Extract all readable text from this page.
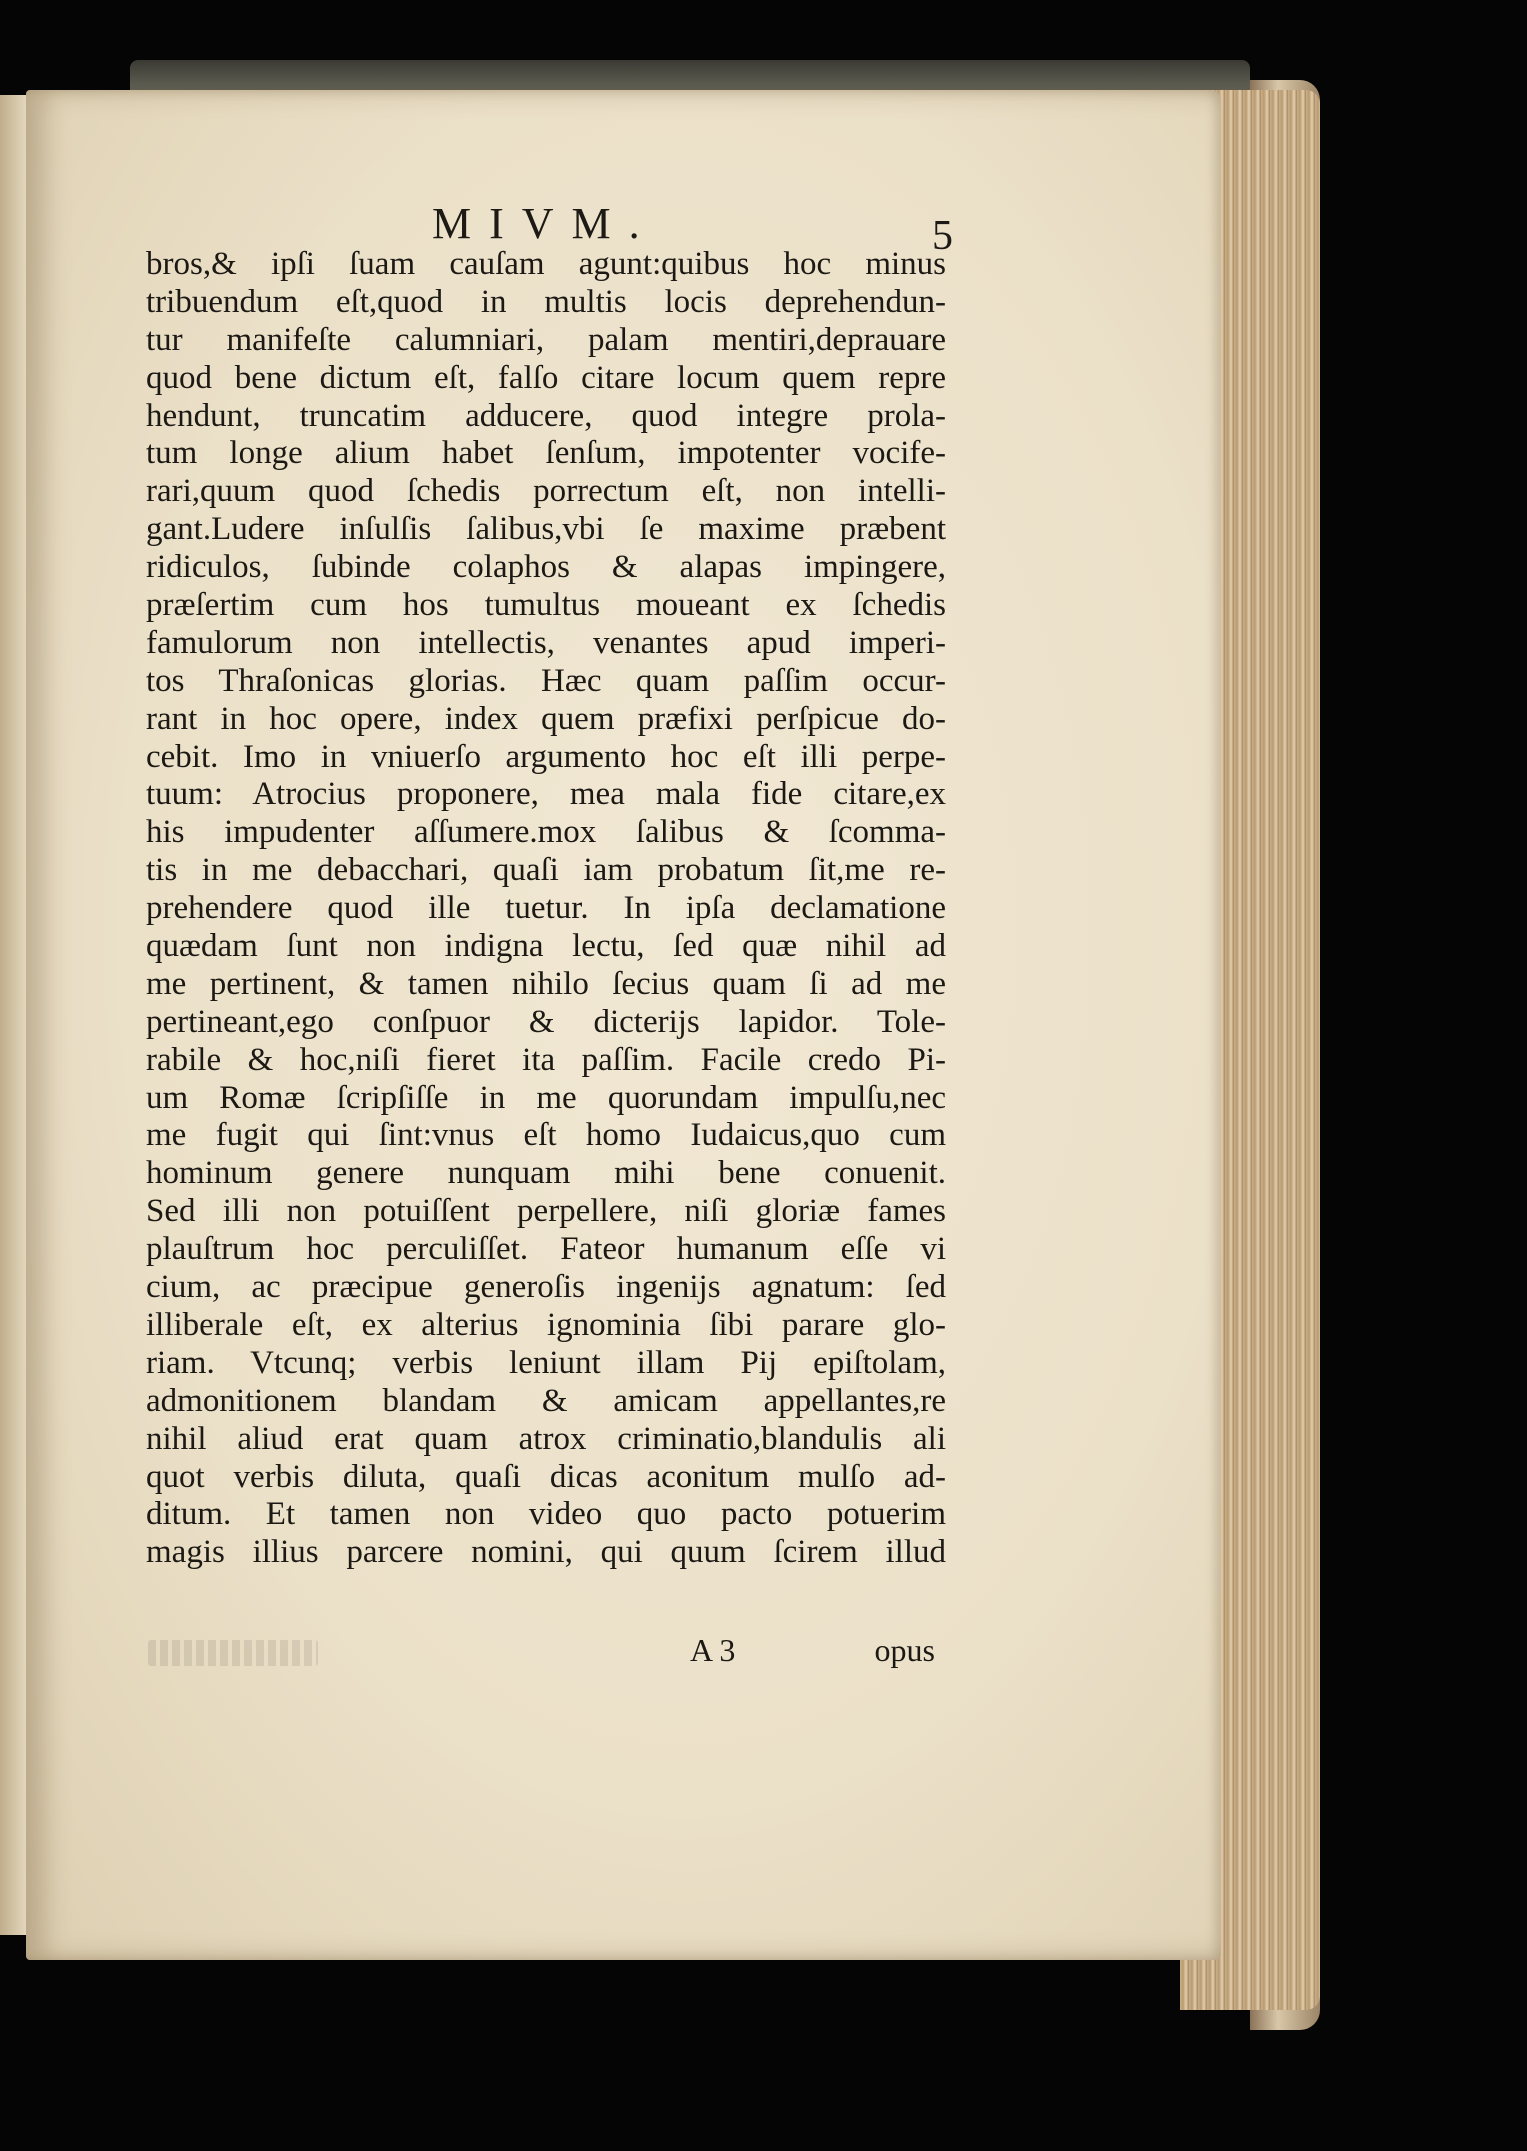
MIVM.	5
bros,& ipſi ſuam cauſam agunt:quibus hoc minus
tribuendum eſt,quod in multis locis deprehendun-
tur manifeſte calumniari, palam mentiri,deprauare
quod bene dictum eſt, falſo citare locum quem repre
hendunt, truncatim adducere, quod integre prola-
tum longe alium habet ſenſum, impotenter vocife-
rari,quum quod ſchedis porrectum eſt, non intelli-
gant.Ludere inſulſis ſalibus,vbi ſe maxime præbent
ridiculos, ſubinde colaphos & alapas impingere,
præſertim cum hos tumultus moueant ex ſchedis
famulorum non intellectis, venantes apud imperi-
tos Thraſonicas glorias. Hæc quam paſſim occur-
rant in hoc opere, index quem præfixi perſpicue do-
cebit. Imo in vniuerſo argumento hoc eſt illi perpe-
tuum: Atrocius proponere, mea mala fide citare,ex
his impudenter aſſumere.mox ſalibus & ſcomma-
tis in me debacchari, quaſi iam probatum ſit,me re-
prehendere quod ille tuetur. In ipſa declamatione
quædam ſunt non indigna lectu, ſed quæ nihil ad
me pertinent, & tamen nihilo ſecius quam ſi ad me
pertineant,ego conſpuor & dicterijs lapidor. Tole-
rabile & hoc,niſi fieret ita paſſim. Facile credo Pi-
um Romæ ſcripſiſſe in me quorundam impulſu,nec
me fugit qui ſint:vnus eſt homo Iudaicus,quo cum
hominum genere nunquam mihi bene conuenit.
Sed illi non potuiſſent perpellere, niſi gloriæ fames
plauſtrum hoc perculiſſet. Fateor humanum eſſe vi
cium, ac præcipue generoſis ingenijs agnatum: ſed
illiberale eſt, ex alterius ignominia ſibi parare glo-
riam. Vtcunq; verbis leniunt illam Pij epiſtolam,
admonitionem blandam & amicam appellantes,re
nihil aliud erat quam atrox criminatio,blandulis ali
quot verbis diluta, quaſi dicas aconitum mulſo ad-
ditum. Et tamen non video quo pacto potuerim
magis illius parcere nomini, qui quum ſcirem illud
A 3	opus
